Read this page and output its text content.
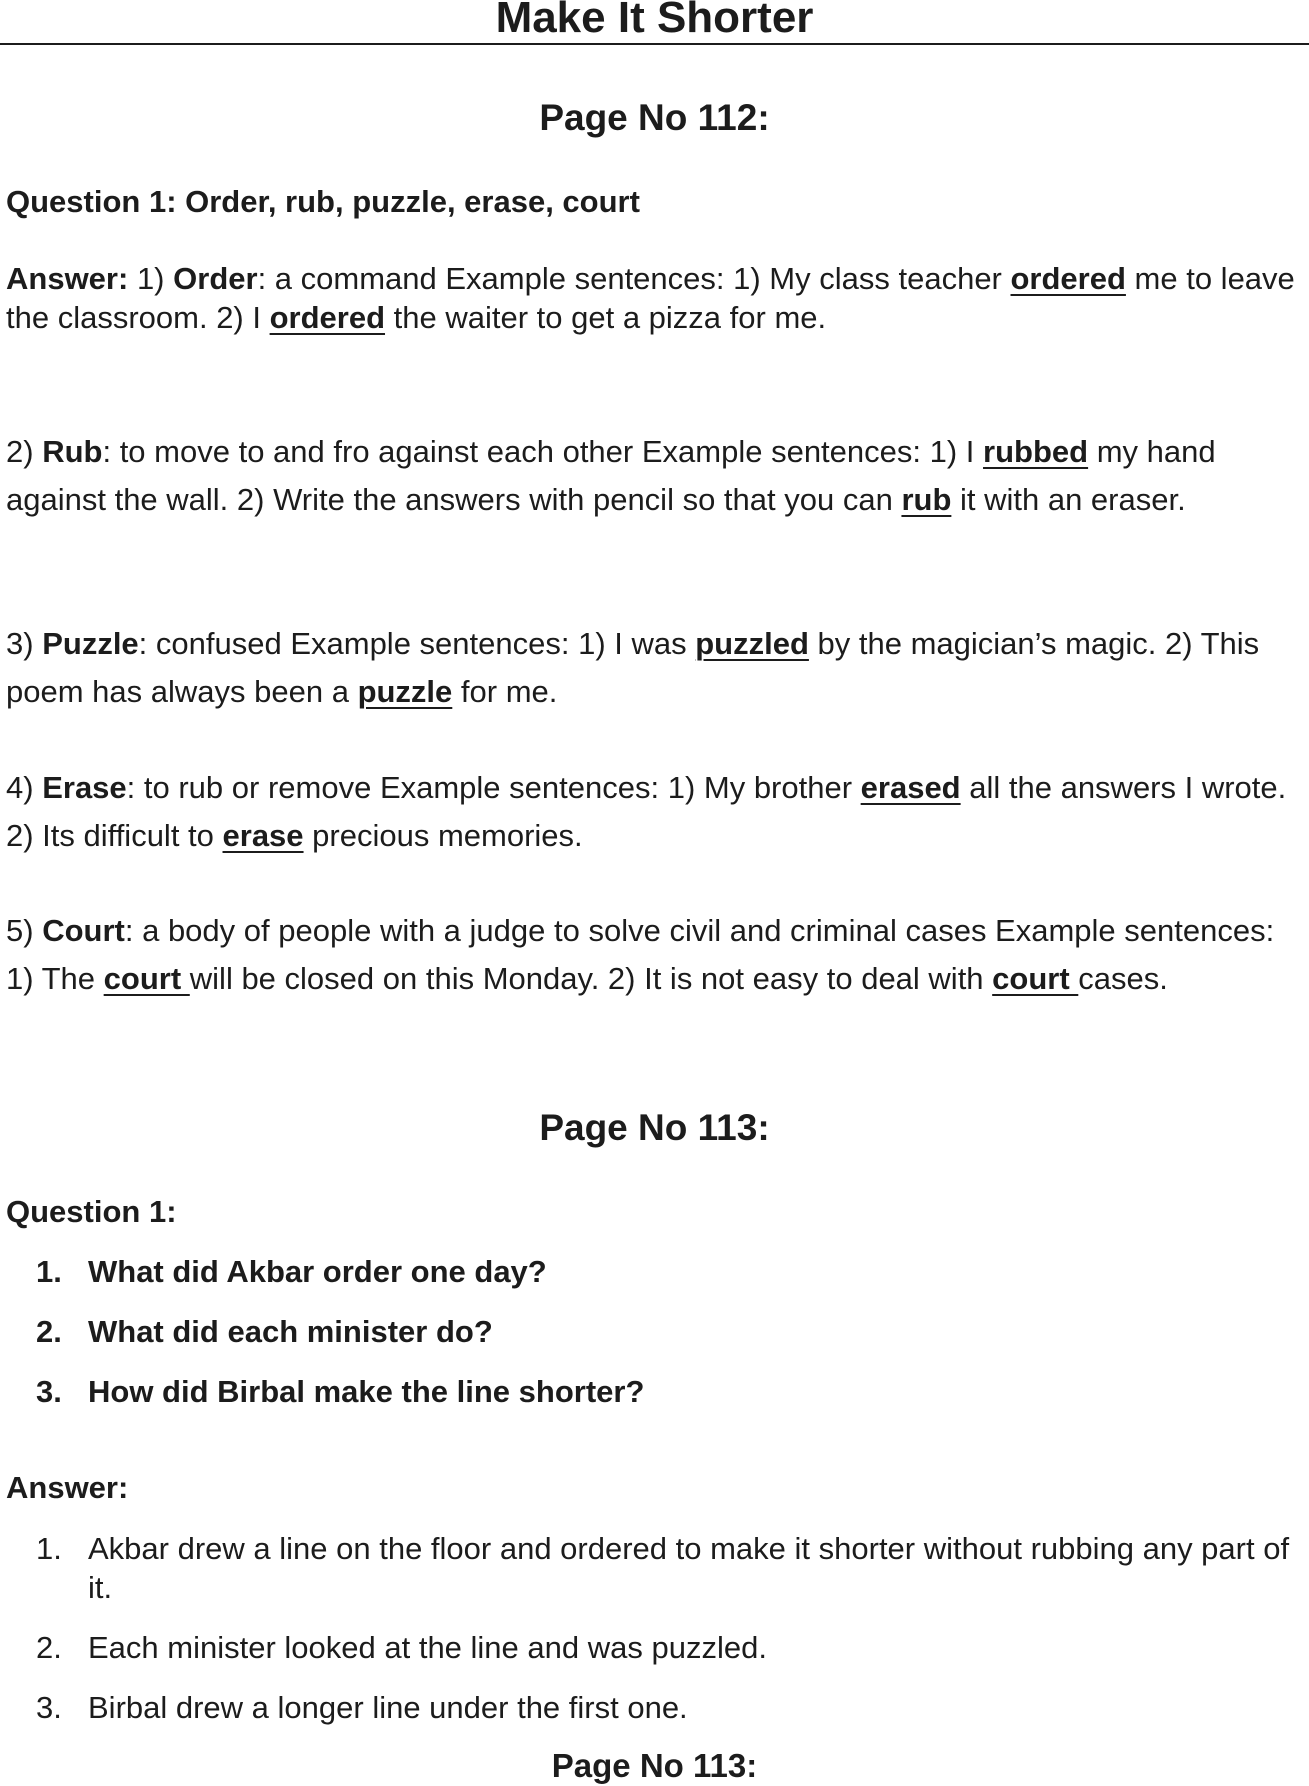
Make It Shorter
Page No 112:

Question 1: Order, rub, puzzle, erase, court

Answer: 1) Order: a command Example sentences: 1) My class teacher ordered me to leave the classroom. 2) I ordered the waiter to get a pizza for me.

2) Rub: to move to and fro against each other Example sentences: 1) I rubbed my hand against the wall. 2) Write the answers with pencil so that you can rub it with an eraser.

3) Puzzle: confused Example sentences: 1) I was puzzled by the magician’s magic. 2) This poem has always been a puzzle for me.

4) Erase: to rub or remove Example sentences: 1) My brother erased all the answers I wrote. 2) Its difficult to erase precious memories.

5) Court: a body of people with a judge to solve civil and criminal cases Example sentences: 1) The court will be closed on this Monday. 2) It is not easy to deal with court cases.

Page No 113:

Question 1:

1. What did Akbar order one day?
2. What did each minister do?
3. How did Birbal make the line shorter?

Answer:

1. Akbar drew a line on the floor and ordered to make it shorter without rubbing any part of it.
2. Each minister looked at the line and was puzzled.
3. Birbal drew a longer line under the first one.
Page No 113:
